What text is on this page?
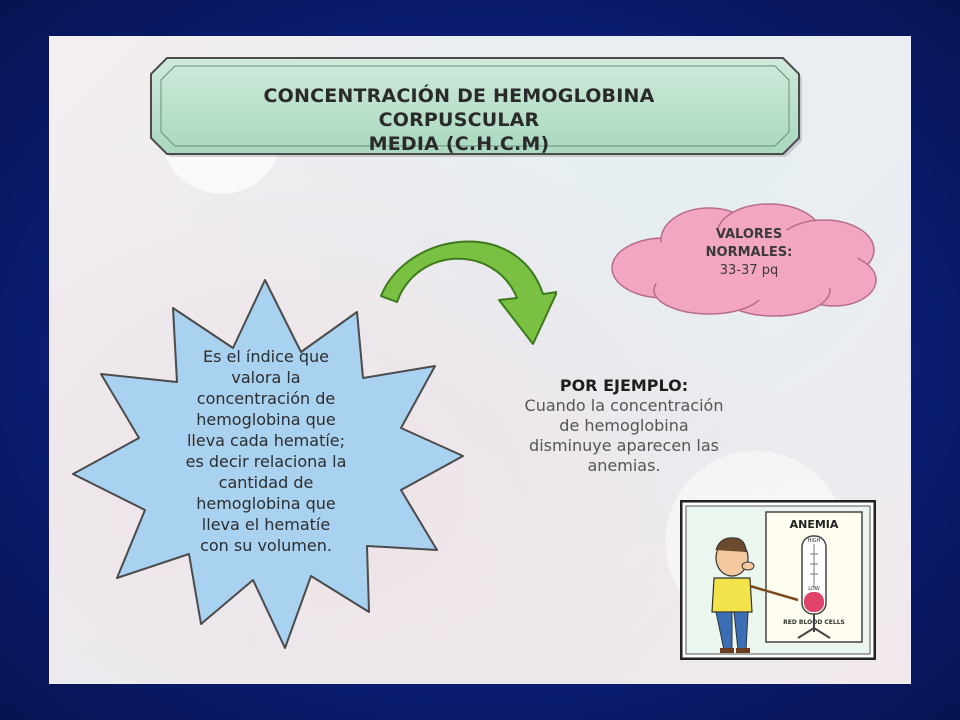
CONCENTRACIÓN DE HEMOGLOBINA CORPUSCULAR
MEDIA (C.H.C.M)
VALORES
NORMALES:
33-37 pq
Es el índice que
valora la
concentración de
hemoglobina que
lleva cada hematíe;
es decir relaciona la
cantidad de
hemoglobina que
lleva el hematíe
con su volumen.
POR EJEMPLO:
Cuando la concentración
de hemoglobina
disminuye aparecen las
anemias.
ANEMIA
HIGH
LOW
RED BLOOD CELLS
